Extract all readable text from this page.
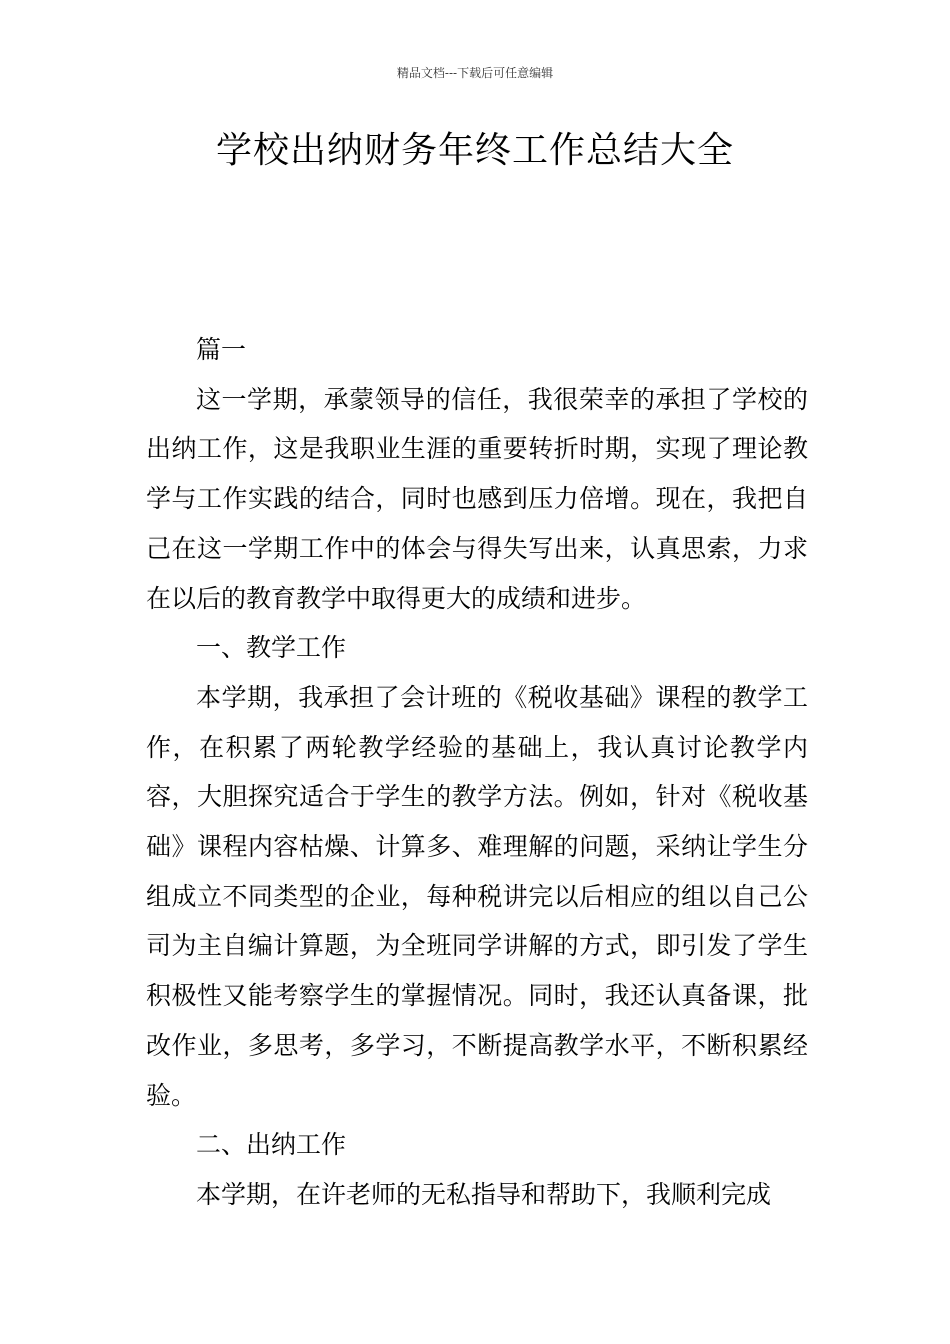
精品文档---下载后可任意编辑
学校出纳财务年终工作总结大全

篇一

这一学期，承蒙领导的信任，我很荣幸的承担了学校的出纳工作，这是我职业生涯的重要转折时期，实现了理论教学与工作实践的结合，同时也感到压力倍增。现在，我把自己在这一学期工作中的体会与得失写出来，认真思索，力求在以后的教育教学中取得更大的成绩和进步。

一、教学工作

本学期，我承担了会计班的《税收基础》课程的教学工作，在积累了两轮教学经验的基础上，我认真讨论教学内容，大胆探究适合于学生的教学方法。例如，针对《税收基础》课程内容枯燥、计算多、难理解的问题，采纳让学生分组成立不同类型的企业，每种税讲完以后相应的组以自己公司为主自编计算题，为全班同学讲解的方式，即引发了学生积极性又能考察学生的掌握情况。同时，我还认真备课，批改作业，多思考，多学习，不断提高教学水平，不断积累经验。

二、出纳工作

本学期，在许老师的无私指导和帮助下，我顺利完成
